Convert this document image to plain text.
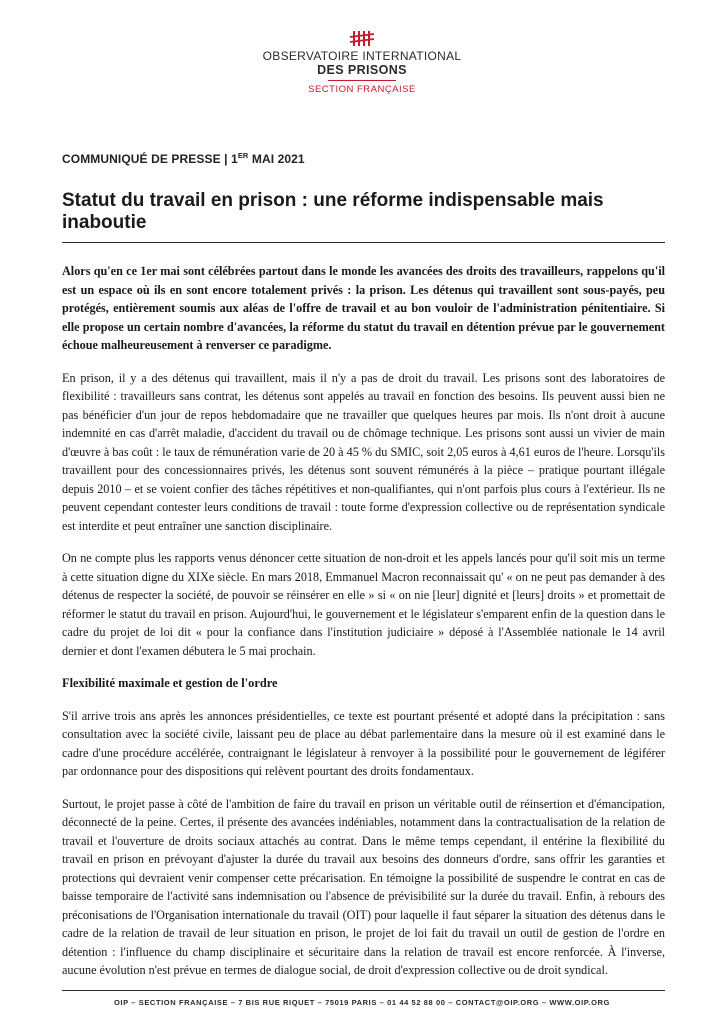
OBSERVATOIRE INTERNATIONAL
DES PRISONS
SECTION FRANÇAISE
COMMUNIQUÉ DE PRESSE | 1ER MAI 2021
Statut du travail en prison : une réforme indispensable mais inaboutie

Alors qu'en ce 1er mai sont célébrées partout dans le monde les avancées des droits des travailleurs, rappelons qu'il est un espace où ils en sont encore totalement privés : la prison. Les détenus qui travaillent sont sous-payés, peu protégés, entièrement soumis aux aléas de l'offre de travail et au bon vouloir de l'administration pénitentiaire. Si elle propose un certain nombre d'avancées, la réforme du statut du travail en détention prévue par le gouvernement échoue malheureusement à renverser ce paradigme.

En prison, il y a des détenus qui travaillent, mais il n'y a pas de droit du travail. Les prisons sont des laboratoires de flexibilité : travailleurs sans contrat, les détenus sont appelés au travail en fonction des besoins. Ils peuvent aussi bien ne pas bénéficier d'un jour de repos hebdomadaire que ne travailler que quelques heures par mois. Ils n'ont droit à aucune indemnité en cas d'arrêt maladie, d'accident du travail ou de chômage technique. Les prisons sont aussi un vivier de main d'œuvre à bas coût : le taux de rémunération varie de 20 à 45 % du SMIC, soit 2,05 euros à 4,61 euros de l'heure. Lorsqu'ils travaillent pour des concessionnaires privés, les détenus sont souvent rémunérés à la pièce – pratique pourtant illégale depuis 2010 – et se voient confier des tâches répétitives et non-qualifiantes, qui n'ont parfois plus cours à l'extérieur. Ils ne peuvent cependant contester leurs conditions de travail : toute forme d'expression collective ou de représentation syndicale est interdite et peut entraîner une sanction disciplinaire.

On ne compte plus les rapports venus dénoncer cette situation de non-droit et les appels lancés pour qu'il soit mis un terme à cette situation digne du XIXe siècle. En mars 2018, Emmanuel Macron reconnaissait qu' « on ne peut pas demander à des détenus de respecter la société, de pouvoir se réinsérer en elle » si « on nie [leur] dignité et [leurs] droits » et promettait de réformer le statut du travail en prison. Aujourd'hui, le gouvernement et le législateur s'emparent enfin de la question dans le cadre du projet de loi dit « pour la confiance dans l'institution judiciaire » déposé à l'Assemblée nationale le 14 avril dernier et dont l'examen débutera le 5 mai prochain.

Flexibilité maximale et gestion de l'ordre

S'il arrive trois ans après les annonces présidentielles, ce texte est pourtant présenté et adopté dans la précipitation : sans consultation avec la société civile, laissant peu de place au débat parlementaire dans la mesure où il est examiné dans le cadre d'une procédure accélérée, contraignant le législateur à renvoyer à la possibilité pour le gouvernement de légiférer par ordonnance pour des dispositions qui relèvent pourtant des droits fondamentaux.

Surtout, le projet passe à côté de l'ambition de faire du travail en prison un véritable outil de réinsertion et d'émancipation, déconnecté de la peine. Certes, il présente des avancées indéniables, notamment dans la contractualisation de la relation de travail et l'ouverture de droits sociaux attachés au contrat. Dans le même temps cependant, il entérine la flexibilité du travail en prison en prévoyant d'ajuster la durée du travail aux besoins des donneurs d'ordre, sans offrir les garanties et protections qui devraient venir compenser cette précarisation. En témoigne la possibilité de suspendre le contrat en cas de baisse temporaire de l'activité sans indemnisation ou l'absence de prévisibilité sur la durée du travail. Enfin, à rebours des préconisations de l'Organisation internationale du travail (OIT) pour laquelle il faut séparer la situation des détenus dans le cadre de la relation de travail de leur situation en prison, le projet de loi fait du travail un outil de gestion de l'ordre en détention : l'influence du champ disciplinaire et sécuritaire dans la relation de travail est encore renforcée. À l'inverse, aucune évolution n'est prévue en termes de dialogue social, de droit d'expression collective ou de droit syndical.

OIP – SECTION FRANÇAISE – 7 BIS RUE RIQUET – 75019 PARIS – 01 44 52 88 00 – CONTACT@OIP.ORG – WWW.OIP.ORG
